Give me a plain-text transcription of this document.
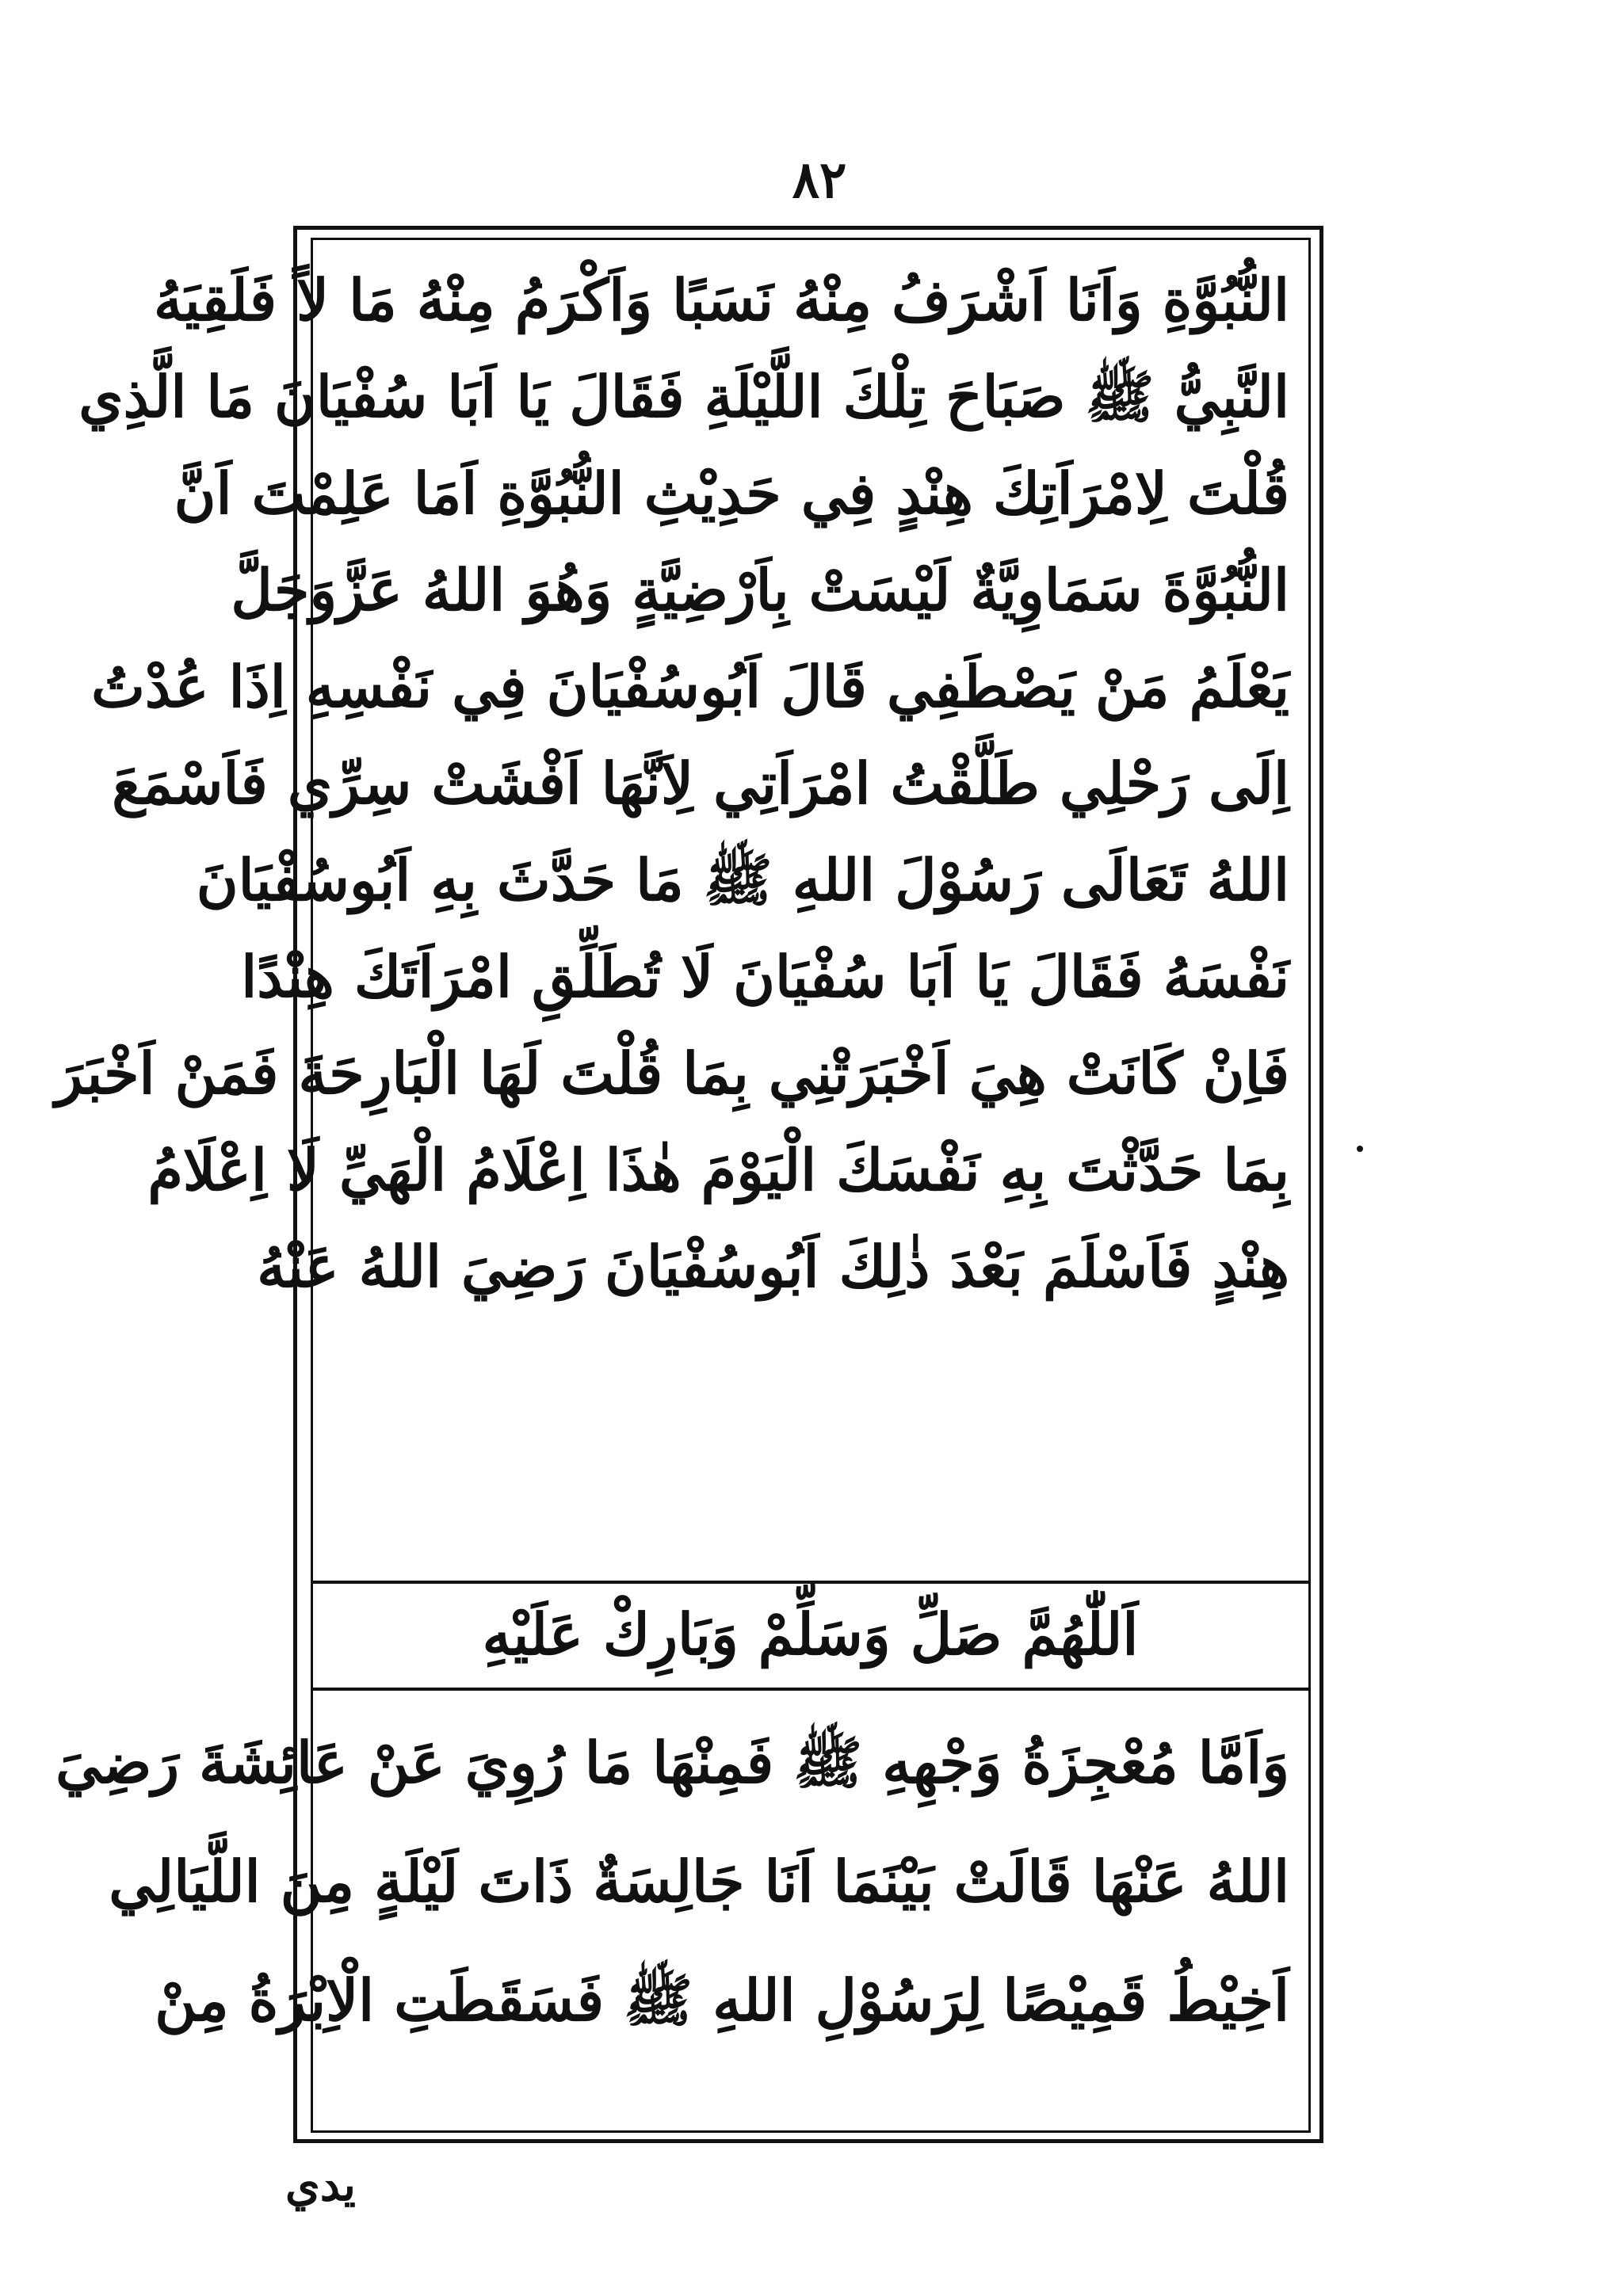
٨٢
النُّبُوَّةِ وَاَنَا اَشْرَفُ مِنْهُ نَسَبًا وَاَكْرَمُ مِنْهُ مَا لاً فَلَقِيَهُ
النَّبِيُّ ﷺ صَبَاحَ تِلْكَ اللَّيْلَةِ فَقَالَ يَا اَبَا سُفْيَانَ مَا الَّذِي
قُلْتَ لِامْرَاَتِكَ هِنْدٍ فِي حَدِيْثِ النُّبُوَّةِ اَمَا عَلِمْتَ اَنَّ
النُّبُوَّةَ سَمَاوِيَّةٌ لَيْسَتْ بِاَرْضِيَّةٍ وَهُوَ اللهُ عَزَّوَجَلَّ
يَعْلَمُ مَنْ يَصْطَفِي قَالَ اَبُوسُفْيَانَ فِي نَفْسِهِ اِذَا عُدْتُ
اِلَى رَحْلِي طَلَّقْتُ امْرَاَتِي لِاَنَّهَا اَفْشَتْ سِرِّي فَاَسْمَعَ
اللهُ تَعَالَى رَسُوْلَ اللهِ ﷺ مَا حَدَّثَ بِهِ اَبُوسُفْيَانَ
نَفْسَهُ فَقَالَ يَا اَبَا سُفْيَانَ لَا تُطَلِّقِ امْرَاَتَكَ هِنْدًا
فَاِنْ كَانَتْ هِيَ اَخْبَرَتْنِي بِمَا قُلْتَ لَهَا الْبَارِحَةَ فَمَنْ اَخْبَرَ
بِمَا حَدَّثْتَ بِهِ نَفْسَكَ الْيَوْمَ هٰذَا اِعْلَامُ الْهَيِّ لَا اِعْلَامُ
هِنْدٍ فَاَسْلَمَ بَعْدَ ذٰلِكَ اَبُوسُفْيَانَ رَضِيَ اللهُ عَنْهُ
اَللّٰهُمَّ صَلِّ وَسَلِّمْ وَبَارِكْ عَلَيْهِ
وَاَمَّا مُعْجِزَةُ وَجْهِهِ ﷺ فَمِنْهَا مَا رُوِيَ عَنْ عَائِشَةَ رَضِيَ
اللهُ عَنْهَا قَالَتْ بَيْنَمَا اَنَا جَالِسَةٌ ذَاتَ لَيْلَةٍ مِنَ اللَّيَالِي
اَخِيْطُ قَمِيْصًا لِرَسُوْلِ اللهِ ﷺ فَسَقَطَتِ الْاِبْرَةُ مِنْ
يدي
